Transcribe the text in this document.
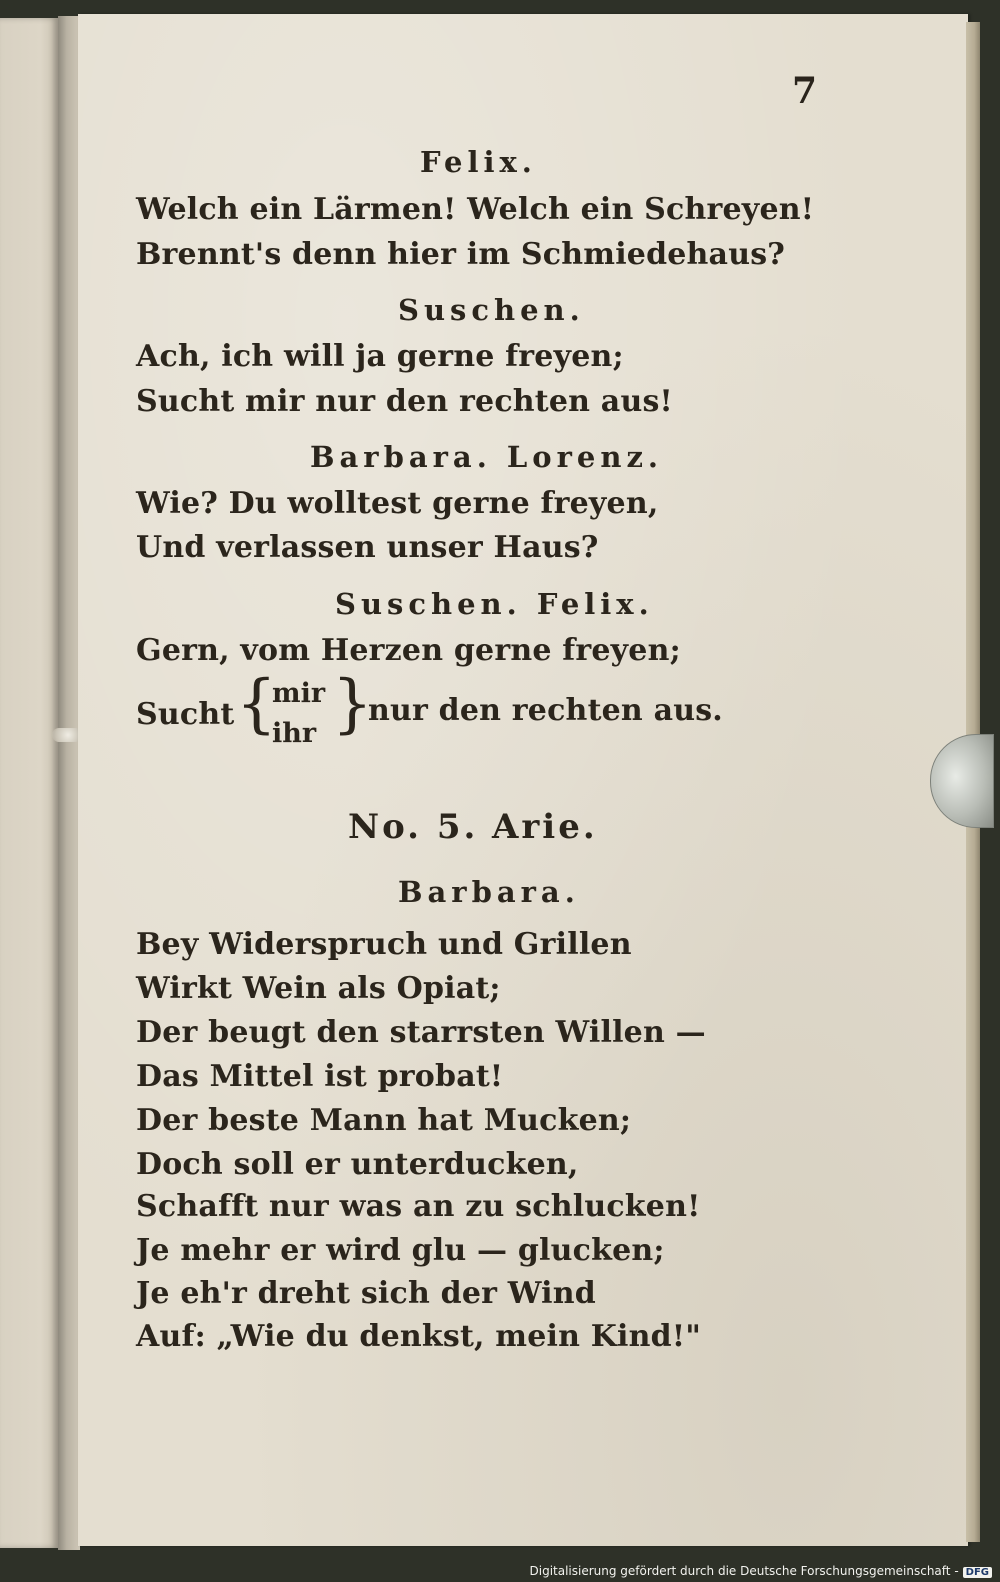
7
Felix.
Welch ein Lärmen! Welch ein Schreyen!
Brennt's denn hier im Schmiedehaus?
Suschen.
Ach, ich will ja gerne freyen;
Sucht mir nur den rechten aus!
Barbara. Lorenz.
Wie? Du wolltest gerne freyen,
Und verlassen unser Haus?
Suschen. Felix.
Gern, vom Herzen gerne freyen;
Sucht {
mir
ihr }
nur den rechten aus.
No. 5. Arie.
Barbara.
Bey Widerspruch und Grillen
Wirkt Wein als Opiat;
Der beugt den starrsten Willen —
Das Mittel ist probat!
Der beste Mann hat Mucken;
Doch soll er unterducken,
Schafft nur was an zu schlucken!
Je mehr er wird glu — glucken;
Je eh'r dreht sich der Wind
Auf: „Wie du denkst, mein Kind!"
Digitalisierung gefördert durch die Deutsche Forschungsgemeinschaft - DFG
